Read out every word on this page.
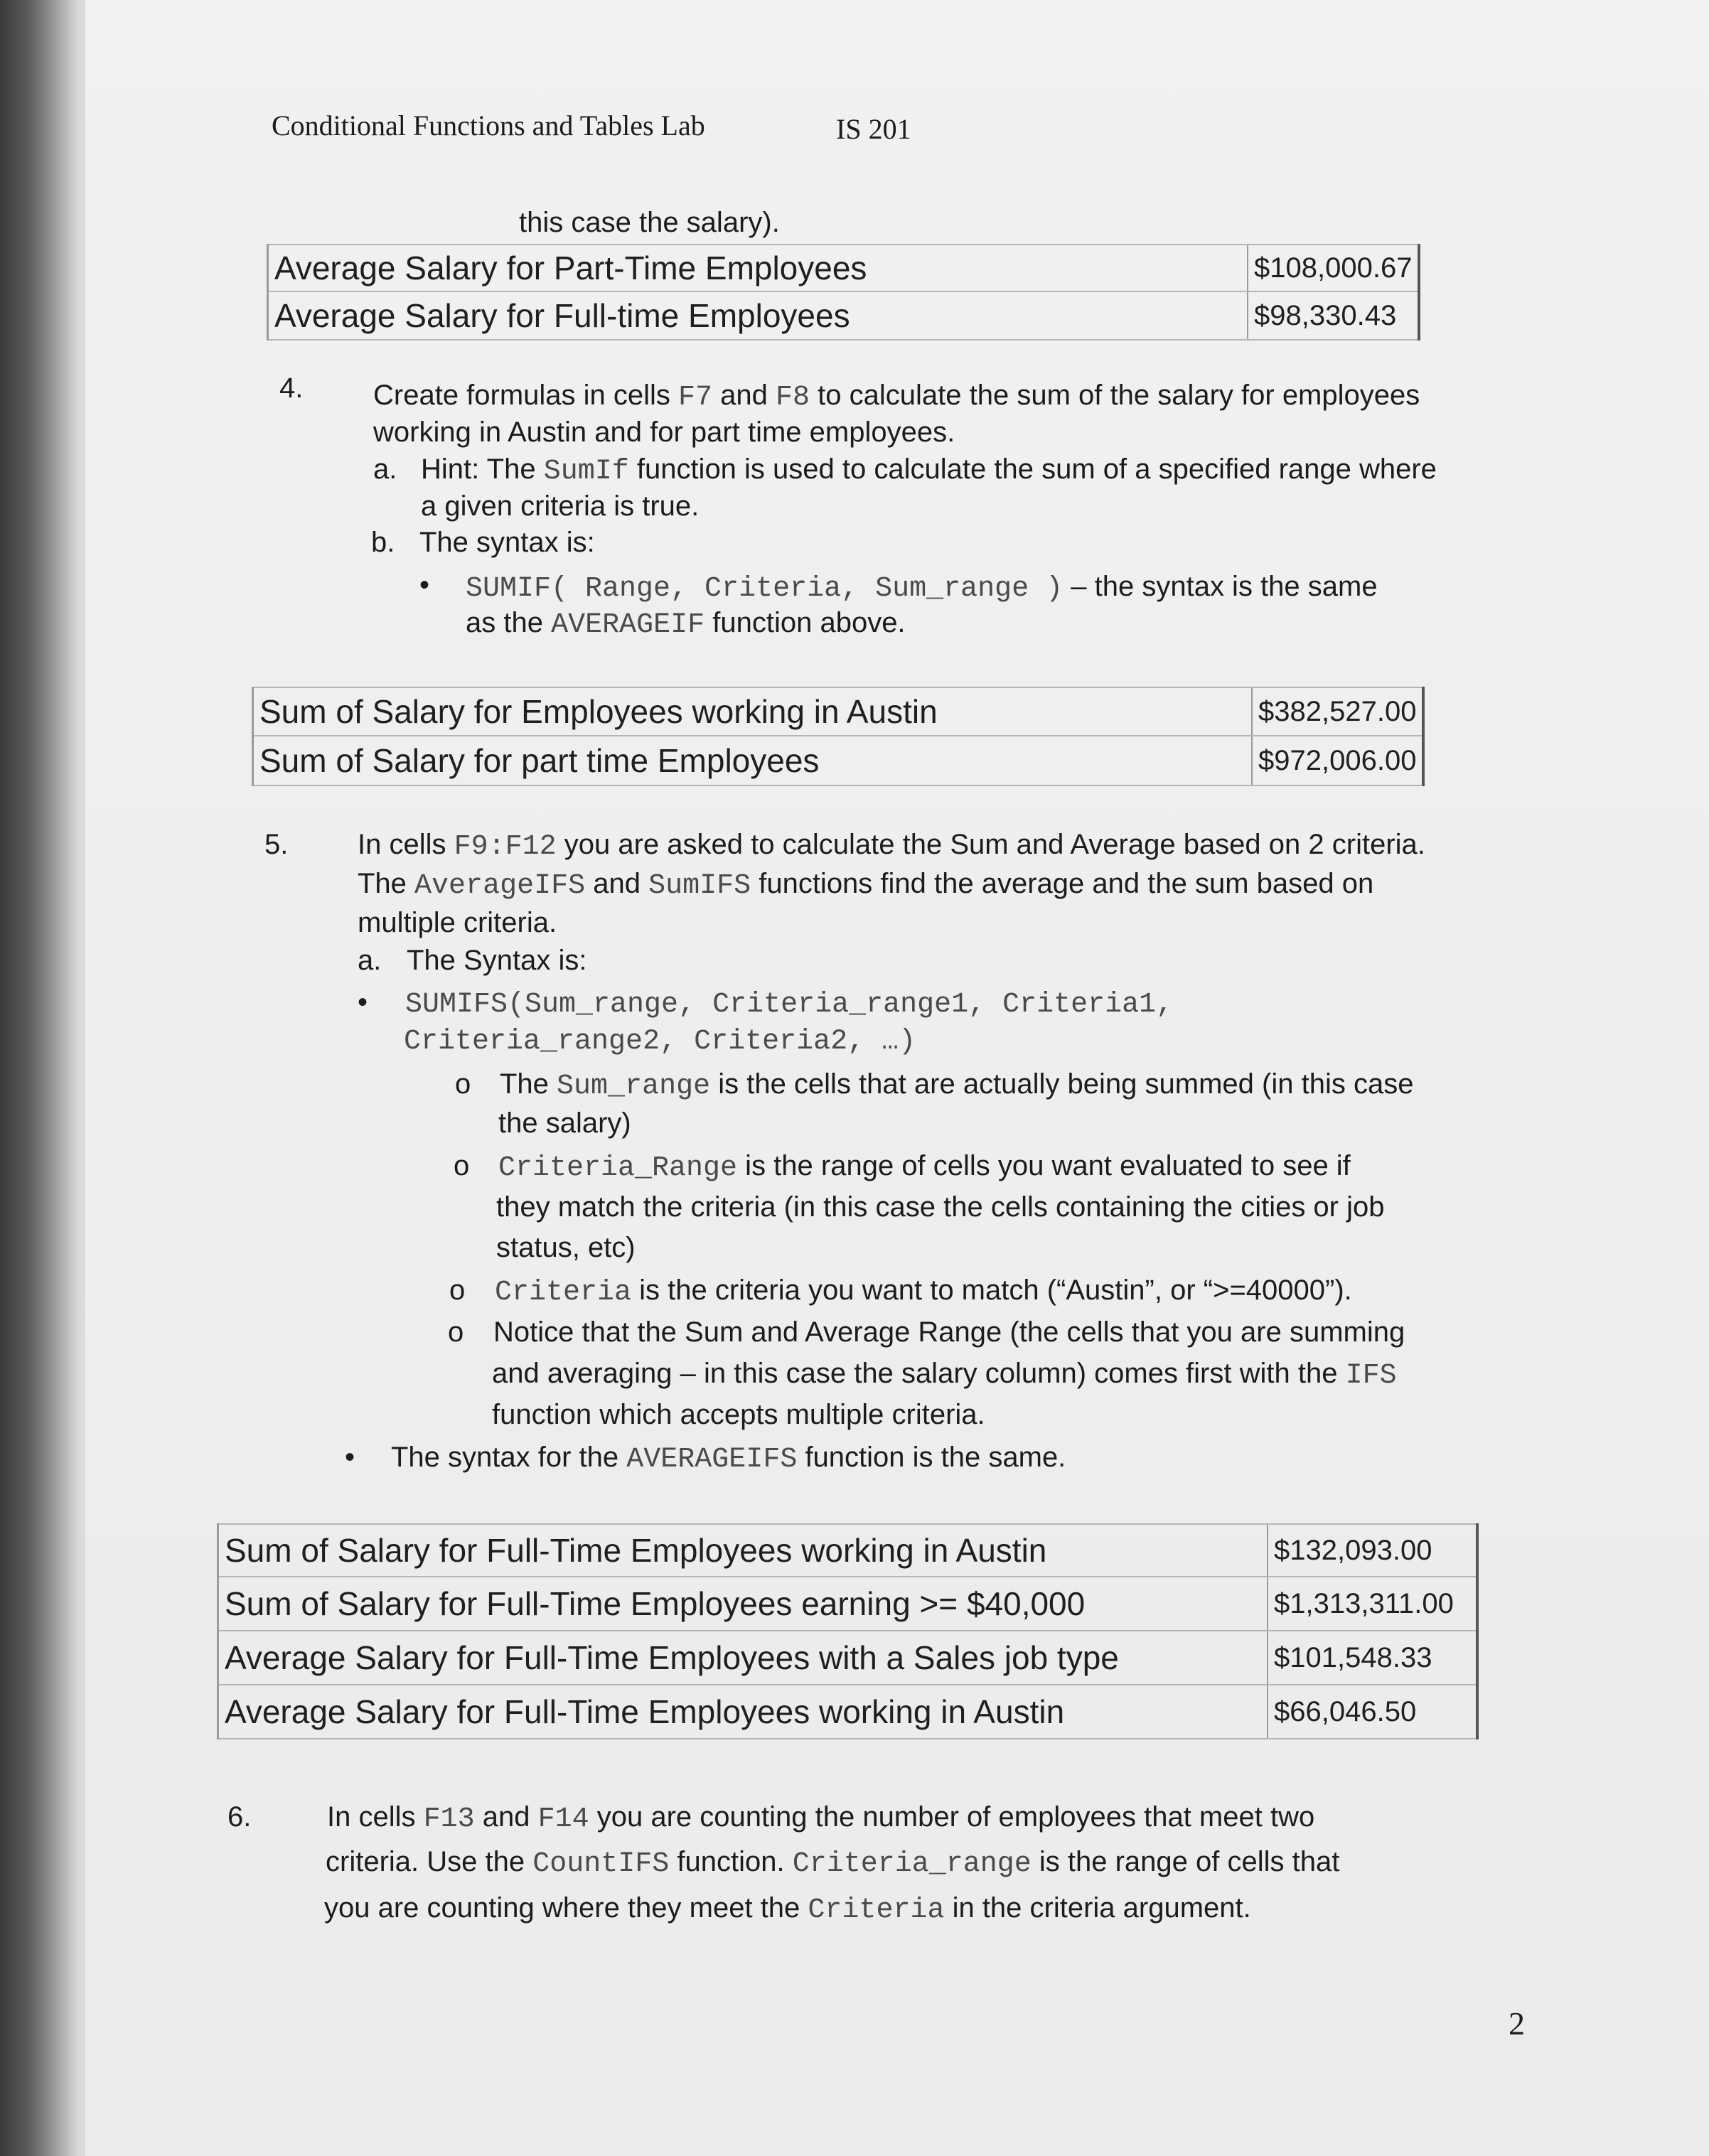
Conditional Functions and Tables Lab	IS 201
this case the salary).
Average Salary for Part-Time Employees	$108,000.67
Average Salary for Full-time Employees	$98,330.43
4. Create formulas in cells F7 and F8 to calculate the sum of the salary for employees
working in Austin and for part time employees.
a. Hint: The SumIf function is used to calculate the sum of a specified range where
a given criteria is true.
b. The syntax is:
•
SUMIF( Range, Criteria, Sum_range ) – the syntax is the same
as the AVERAGEIF function above.
Sum of Salary for Employees working in Austin	$382,527.00
Sum of Salary for part time Employees	$972,006.00
5. In cells F9:F12 you are asked to calculate the Sum and Average based on 2 criteria.
The AverageIFS and SumIFS functions find the average and the sum based on
multiple criteria.
a. The Syntax is:
•
SUMIFS(Sum_range, Criteria_range1, Criteria1,
Criteria_range2, Criteria2, …)
o The Sum_range is the cells that are actually being summed (in this case
the salary)
o Criteria_Range is the range of cells you want evaluated to see if
they match the criteria (in this case the cells containing the cities or job
status, etc)
o Criteria is the criteria you want to match (“Austin”, or “>=40000”).
o Notice that the Sum and Average Range (the cells that you are summing
and averaging – in this case the salary column) comes first with the IFS
function which accepts multiple criteria.
•
The syntax for the AVERAGEIFS function is the same.
Sum of Salary for Full-Time Employees working in Austin	$132,093.00
Sum of Salary for Full-Time Employees earning >= $40,000	$1,313,311.00
Average Salary for Full-Time Employees with a Sales job type	$101,548.33
Average Salary for Full-Time Employees working in Austin	$66,046.50
6.	In cells F13 and F14 you are counting the number of employees that meet two
criteria. Use the CountIFS function. Criteria_range is the range of cells that
you are counting where they meet the Criteria in the criteria argument.
2
